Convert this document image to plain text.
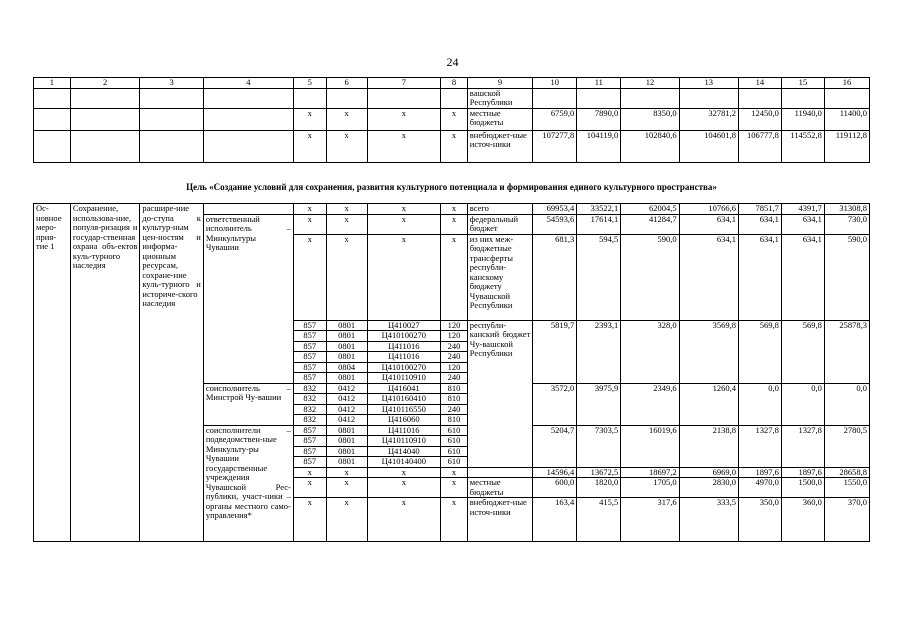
24
1	2	3	4	5	6	7	8	9	10	11	12	13	14	15	16
								вашской Республики							
				х	х	х	х	местные бюджеты	6759,0	7890,0	8350,0	32781,2	12450,0	11940,0	11400,0
				х	х	х	х	внебюджет-ные источ-ники	107277,8	104119,0	102840,6	104601,8	106777,8	114552,8	119112,8
Цель «Создание условий для сохранения, развития культурного потенциала и формирования единого культурного пространства»
Ос-новное меро-прия-тие 1	Сохранение, использова-ние, популя-ризация и государ-ственная охрана объ-ектов куль-турного наследия	расшире-ние до-ступа к культур-ным цен-ностям и информа-ционным ресурсам, сохране-ние куль-турного и историче-ского наследия		х	х	х	х	всего	69953,4	33522,1	62004,5	10766,6	7851,7	4391,7	31308,8
			ответственный исполнитель – Минкультуры Чувашии	х	х	х	х	федеральный бюджет	54593,6	17614,1	41284,7	634,1	634,1	634,1	730,0
				х	х	х	х	из них меж-бюджетные трансферты республи-канскому бюджету Чувашской Республики	681,3	594,5	590,0	634,1	634,1	634,1	590,0
				857	0801	Ц410027	120	республи-канский бюджет Чу-вашской Республики	5819,7	2393,1	328,0	3569,8	569,8	569,8	25878,3
				857	0801	Ц410100270	120								
				857	0801	Ц411016	240								
				857	0801	Ц411016	240								
				857	0804	Ц410100270	120								
				857	0801	Ц410110910	240								
			соисполнитель – Минстрой Чу-вашии	832	0412	Ц416041	810		3572,0	3975,9	2349,6	1260,4	0,0	0,0	0,0
				832	0412	Ц410160410	810								
				832	0412	Ц410116550	240								
				832	0412	Ц416060	810								
			соисполнители – подведомствен-ные Минкульту-ры Чувашии государственные учреждения Чувашской Рес-публики, участ-ники – органы местного само-управления*	857	0801	Ц411016	610		5204,7	7303,5	16019,6	2138,8	1327,8	1327,8	2780,5
				857	0801	Ц410110910	610								
				857	0801	Ц414040	610								
				857	0801	Ц410140400	610								
				х	х	х	х		14596,4	13672,5	18697,2	6969,0	1897,6	1897,6	28658,8
				х	х	х	х	местные бюджеты	600,0	1820,0	1705,0	2830,0	4970,0	1500,0	1550,0
				х	х	х	х	внебюджет-ные источ-ники	163,4	415,5	317,6	333,5	350,0	360,0	370,0
